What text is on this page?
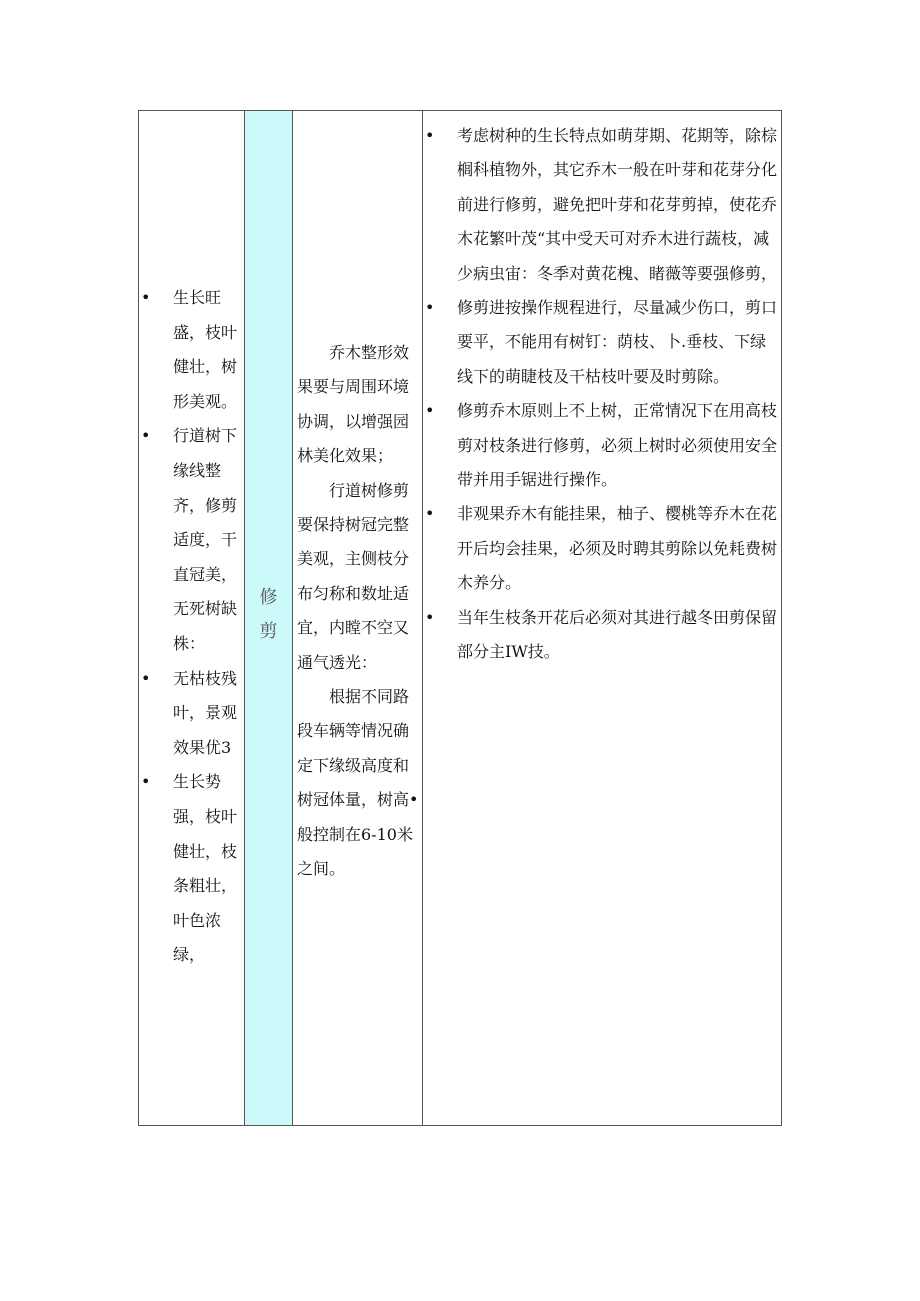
• 生长旺盛，枝叶健壮，树形美观。
• 行道树下缘线整齐，修剪适度，干直冠美，无死树缺株：
• 无枯枝残叶，景观效果优3
• 生长势强，枝叶健壮，枝条粗壮，叶色浓绿，
修
剪

乔木整形效果要与周围环境协调，以增强园林美化效果；

行道树修剪要保持树冠完整美观，主侧枝分布匀称和数址适宜，内瞠不空又通气透光：

根据不同路段车辆等情况确定下缘级高度和树冠体量，树高•般控制在6-10米之间。

• 考虑树种的生长特点如萌芽期、花期等，除棕榈科植物外，其它乔木一般在叶芽和花芽分化前进行修剪，避免把叶芽和花芽剪掉，使花乔木花繁叶茂“其中受天可对乔木进行蔬枝，减少病虫宙：冬季对黄花槐、睹薇等要强修剪，
• 修剪进按操作规程进行，尽量减少伤口，剪口要平，不能用有树钉：荫枝、卜.垂枝、下绿线下的萌睫枝及干枯枝叶要及时剪除。
• 修剪乔木原则上不上树，正常情况下在用高枝剪对枝条进行修剪，必须上树时必须使用安全带并用手锯进行操作。
• 非观果乔木有能挂果，柚子、樱桃等乔木在花开后均会挂果，必须及时聘其剪除以免耗费树木养分。
• 当年生枝条开花后必须对其进行越冬田剪保留部分主IW技。
